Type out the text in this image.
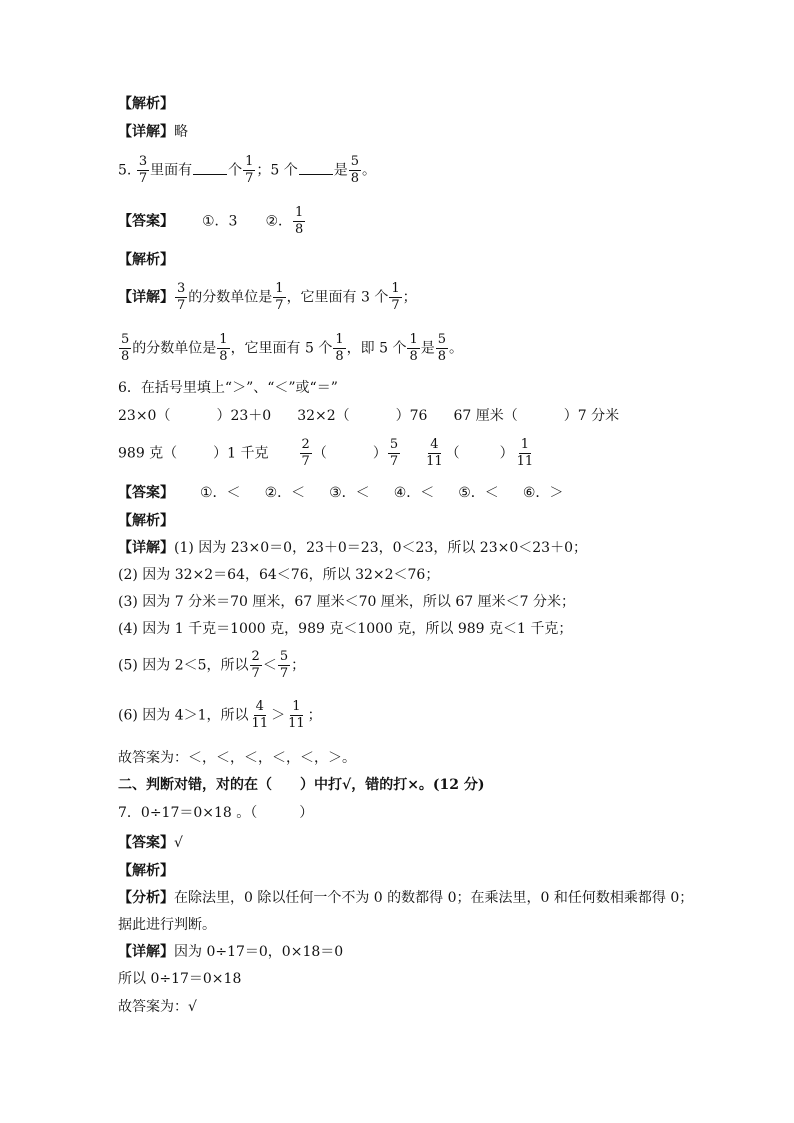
【解析】
【详解】略
5. $\frac{3}{7}$ 里面有	个 $\frac{1}{7}$ ；5 个	是 $\frac{5}{8}$ 。
【答案】 ①．3 ②． $\frac{1}{8}$
【解析】
【详解】 $\frac{3}{7}$ 的分数单位是 $\frac{1}{7}$ ，它里面有 3 个 $\frac{1}{7}$ ；
$\frac{5}{8}$ 的分数单位是 $\frac{1}{8}$ ，它里面有 5 个 $\frac{1}{8}$ ，即 5 个 $\frac{1}{8}$ 是 $\frac{5}{8}$ 。
6．在括号里填上“＞”、“＜”或“＝”
23×0（	）23＋0 32×2（	）76 67 厘米（	）7 分米
989 克（	）1 千克 $\frac{2}{7}$ （	） $\frac{5}{7} \frac{4}{11}$ （	） $\frac{1}{11}$
【答案】 ①．＜ ②．＜ ③．＜ ④．＜ ⑤．＜ ⑥．＞
【解析】
【详解】(1) 因为 23×0＝0，23＋0＝23，0＜23，所以 23×0＜23＋0；
(2) 因为 32×2＝64，64＜76，所以 32×2＜76；
(3) 因为 7 分米＝70 厘米，67 厘米＜70 厘米，所以 67 厘米＜7 分米；
(4) 因为 1 千克＝1000 克，989 克＜1000 克，所以 989 克＜1 千克；
(5) 因为 2＜5，所以 $\frac{2}{7} < \frac{5}{7}$ ；
(6) 因为 4＞1，所以 $\frac{4}{11} > \frac{1}{11}$ ；
故答案为：＜，＜，＜，＜，＜，＞。
二、判断对错，对的在（　　）中打√，错的打×。(12 分)
7．0÷17＝0×18 。（　　　）
【答案】√
【解析】
【分析】在除法里，0 除以任何一个不为 0 的数都得 0；在乘法里，0 和任何数相乘都得 0；
据此进行判断。
【详解】因为 0÷17＝0，0×18＝0
所以 0÷17＝0×18
故答案为：√
